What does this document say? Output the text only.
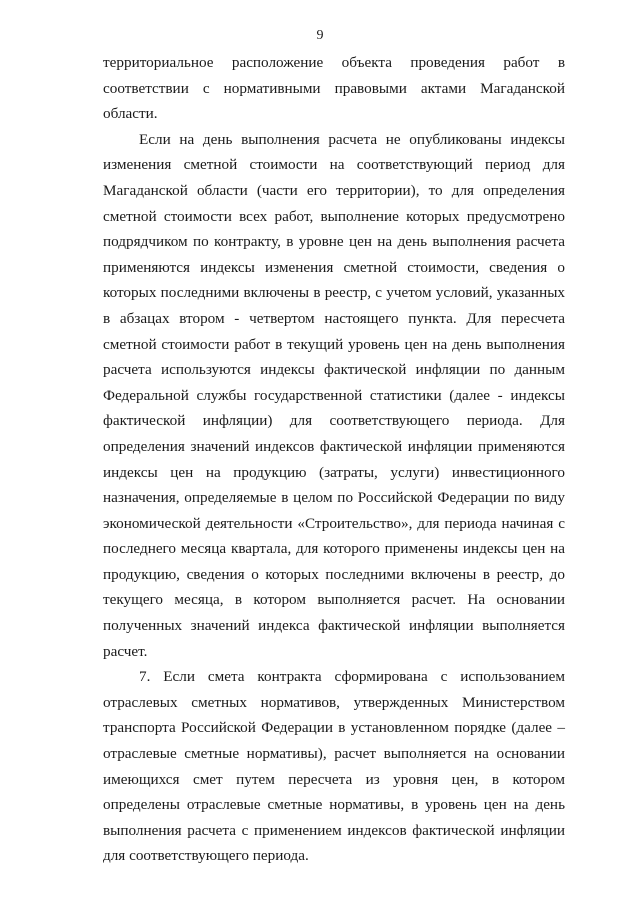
9

территориальное расположение объекта проведения работ в соответствии с нормативными правовыми актами Магаданской области.

Если на день выполнения расчета не опубликованы индексы изменения сметной стоимости на соответствующий период для Магаданской области (части его территории), то для определения сметной стоимости всех работ, выполнение которых предусмотрено подрядчиком по контракту, в уровне цен на день выполнения расчета применяются индексы изменения сметной стоимости, сведения о которых последними включены в реестр, с учетом условий, указанных в абзацах втором - четвертом настоящего пункта. Для пересчета сметной стоимости работ в текущий уровень цен на день выполнения расчета используются индексы фактической инфляции по данным Федеральной службы государственной статистики (далее - индексы фактической инфляции) для соответствующего периода. Для определения значений индексов фактической инфляции применяются индексы цен на продукцию (затраты, услуги) инвестиционного назначения, определяемые в целом по Российской Федерации по виду экономической деятельности «Строительство», для периода начиная с последнего месяца квартала, для которого применены индексы цен на продукцию, сведения о которых последними включены в реестр, до текущего месяца, в котором выполняется расчет. На основании полученных значений индекса фактической инфляции выполняется расчет.

7. Если смета контракта сформирована с использованием отраслевых сметных нормативов, утвержденных Министерством транспорта Российской Федерации в установленном порядке (далее – отраслевые сметные нормативы), расчет выполняется на основании имеющихся смет путем пересчета из уровня цен, в котором определены отраслевые сметные нормативы, в уровень цен на день выполнения расчета с применением индексов фактической инфляции для соответствующего периода.
